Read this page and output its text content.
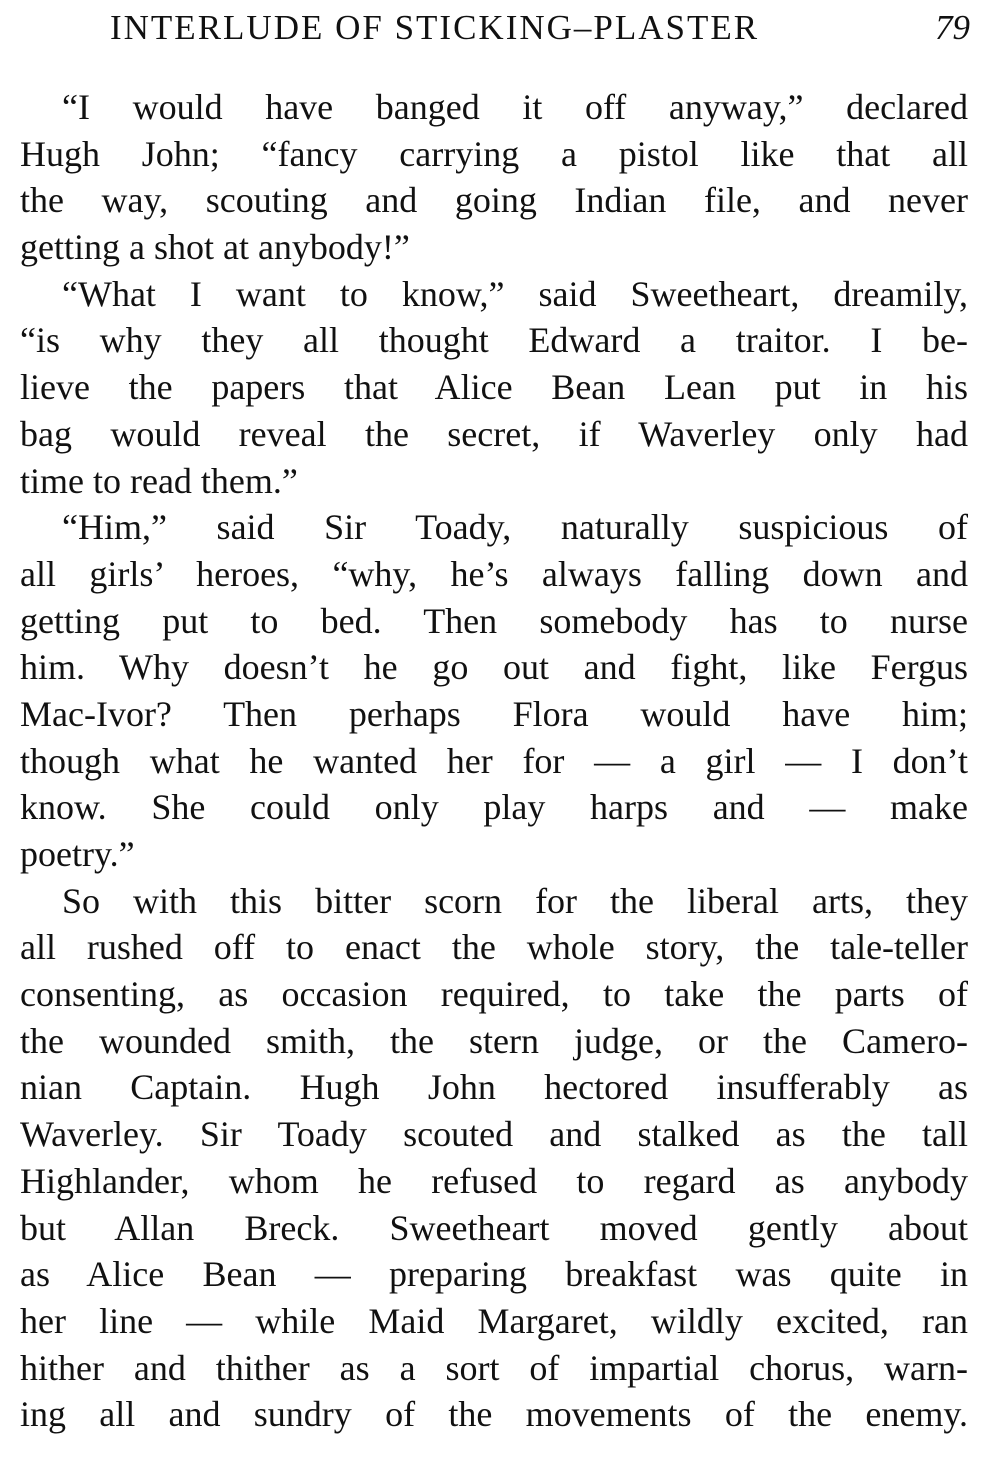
INTERLUDE OF STICKING–PLASTER	79
“I would have banged it off anyway,” declared
Hugh John; “fancy carrying a pistol like that all
the way, scouting and going Indian file, and never
getting a shot at anybody!”
“What I want to know,” said Sweetheart, dreamily,
“is why they all thought Edward a traitor. I be-
lieve the papers that Alice Bean Lean put in his
bag would reveal the secret, if Waverley only had
time to read them.”
“Him,” said Sir Toady, naturally suspicious of
all girls’ heroes, “why, he’s always falling down and
getting put to bed. Then somebody has to nurse
him. Why doesn’t he go out and fight, like Fergus
Mac-Ivor? Then perhaps Flora would have him;
though what he wanted her for — a girl — I don’t
know. She could only play harps and — make
poetry.”
So with this bitter scorn for the liberal arts, they
all rushed off to enact the whole story, the tale-teller
consenting, as occasion required, to take the parts of
the wounded smith, the stern judge, or the Camero-
nian Captain. Hugh John hectored insufferably as
Waverley. Sir Toady scouted and stalked as the tall
Highlander, whom he refused to regard as anybody
but Allan Breck. Sweetheart moved gently about
as Alice Bean — preparing breakfast was quite in
her line — while Maid Margaret, wildly excited, ran
hither and thither as a sort of impartial chorus, warn-
ing all and sundry of the movements of the enemy.
